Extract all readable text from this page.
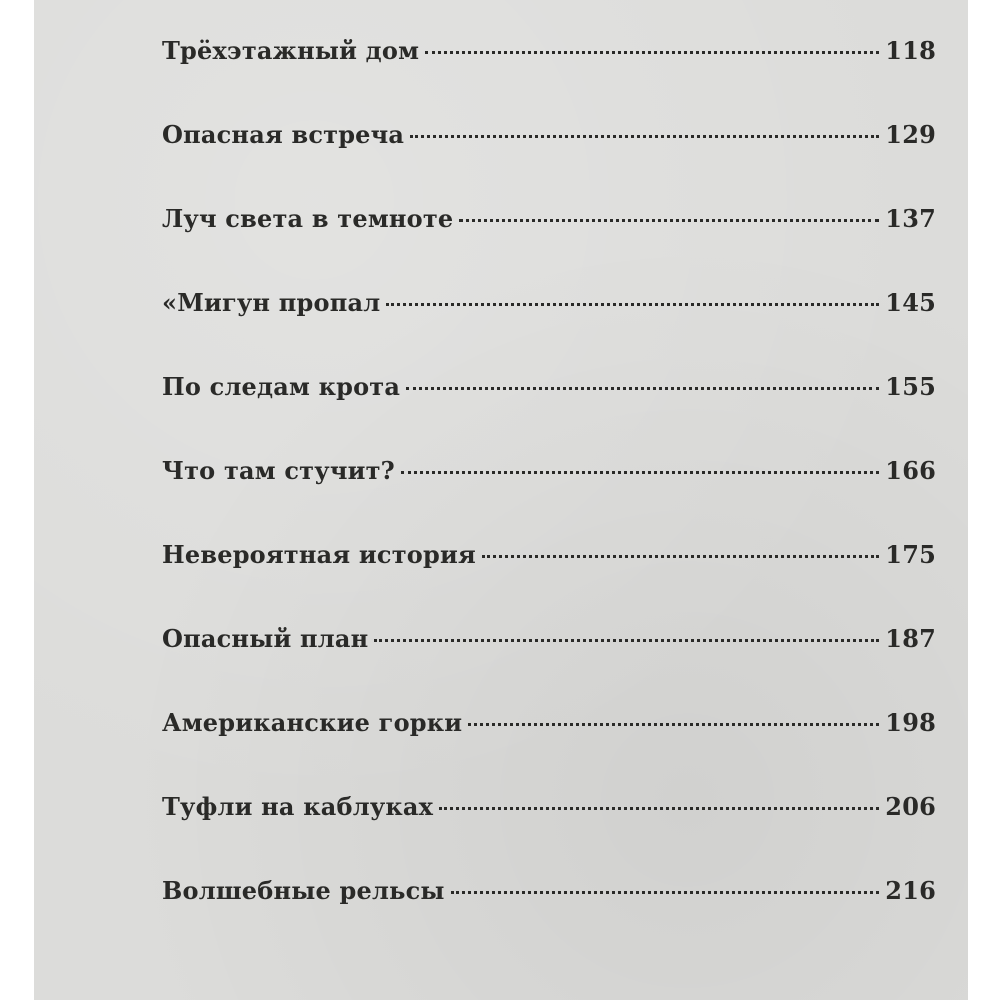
Трёхэтажный дом	118
Опасная встреча	129
Луч света в темноте	137
«Мигун пропал	145
По следам крота	155
Что там стучит?	166
Невероятная история	175
Опасный план	187
Американские горки	198
Туфли на каблуках	206
Волшебные рельсы	216
